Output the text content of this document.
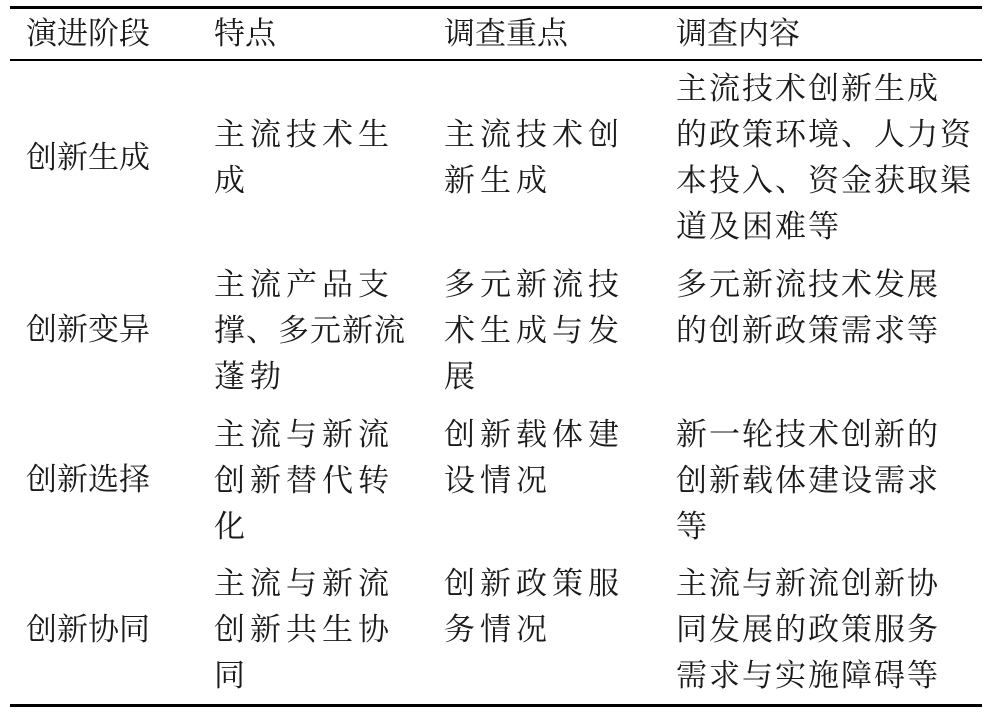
演进阶段 特点	调查重点	调查内容
创新生成
主流技术生
成
主流技术创
新生成
主流技术创新生成
的政策环境、人力资
本投入、资金获取渠
道及困难等
创新变异
主流产品支
撑、多元新流
蓬勃
多元新流技
术生成与发
展
多元新流技术发展
的创新政策需求等
创新选择
主流与新流
创新替代转
化
创新载体建
设情况
新一轮技术创新的
创新载体建设需求
等
创新协同
主流与新流
创新共生协
同
创新政策服
务情况
主流与新流创新协
同发展的政策服务
需求与实施障碍等
